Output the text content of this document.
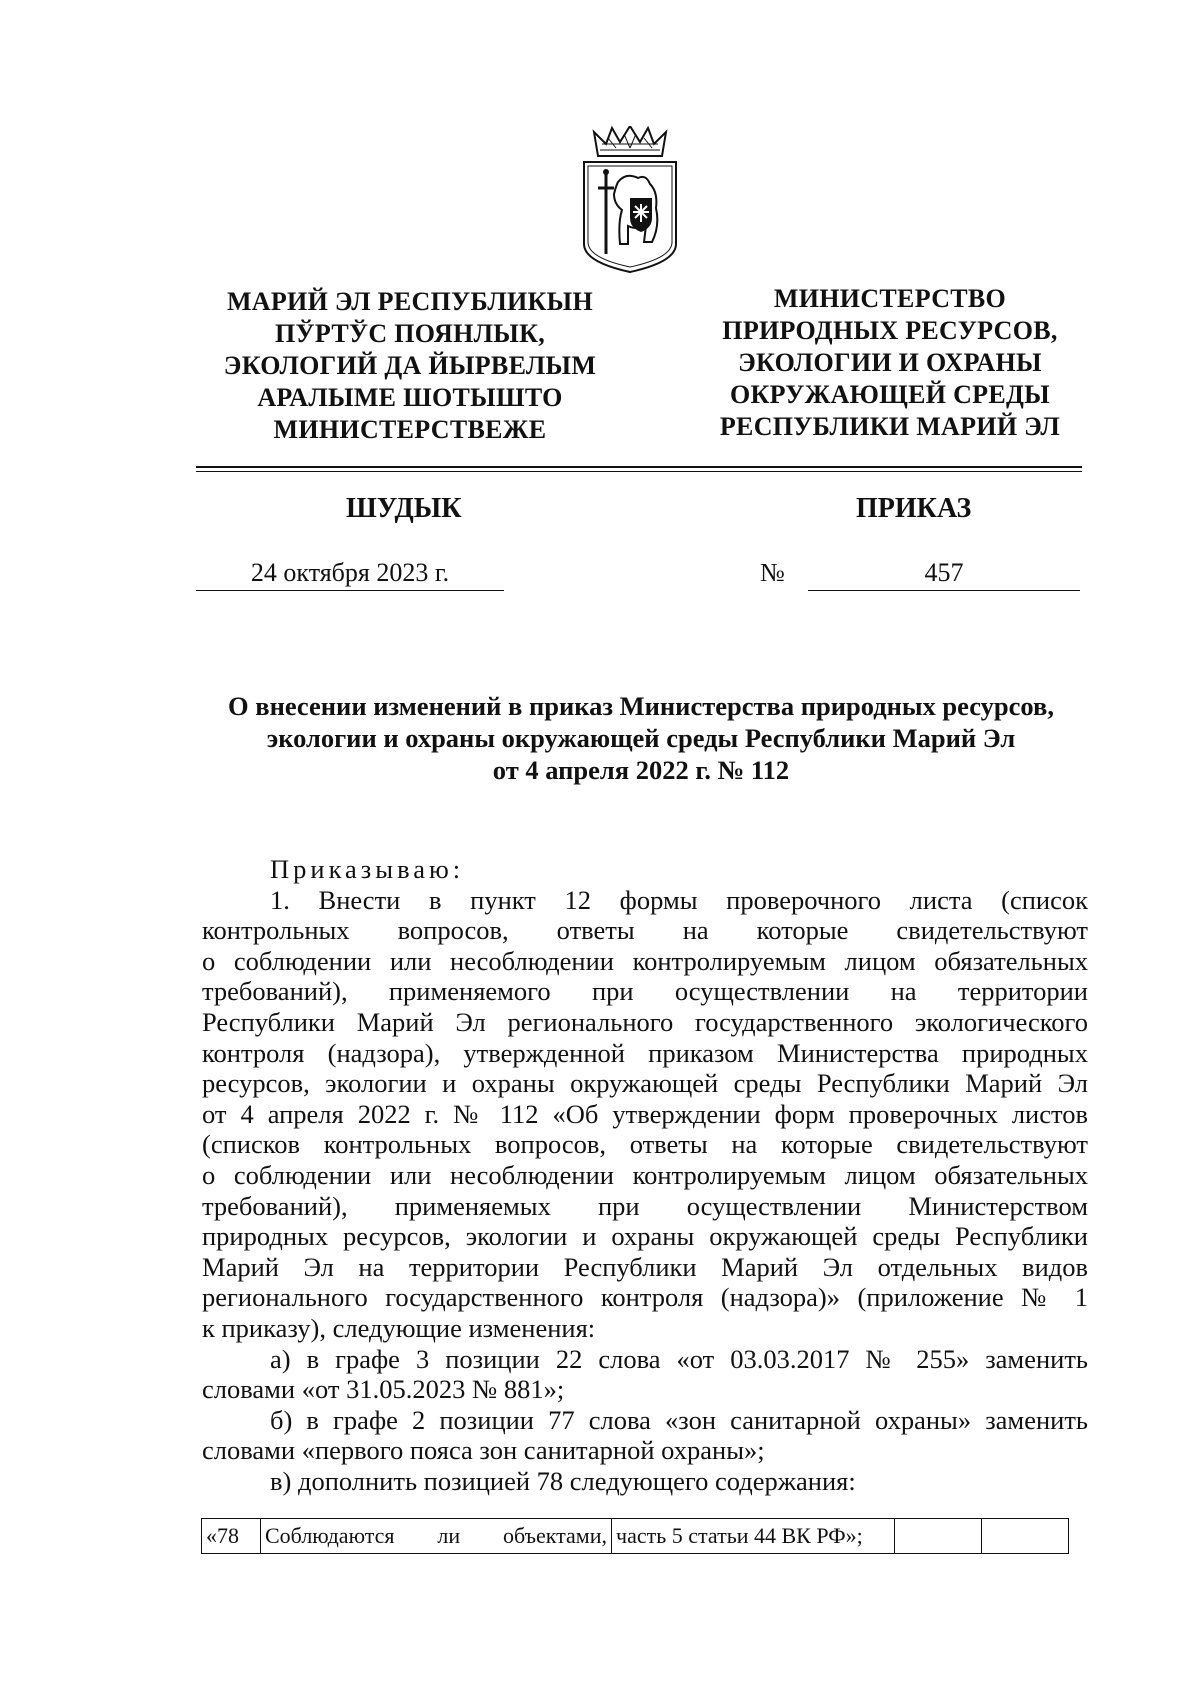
МАРИЙ ЭЛ РЕСПУБЛИКЫН
ПЎРТЎС ПОЯНЛЫК,
ЭКОЛОГИЙ ДА ЙЫРВЕЛЫМ
АРАЛЫМЕ ШОТЫШТО
МИНИСТЕРСТВЕЖЕ
МИНИСТЕРСТВО
ПРИРОДНЫХ РЕСУРСОВ,
ЭКОЛОГИИ И ОХРАНЫ
ОКРУЖАЮЩЕЙ СРЕДЫ
РЕСПУБЛИКИ МАРИЙ ЭЛ
ШУДЫК	ПРИКАЗ
24 октября 2023 г.	№	457
О внесении изменений в приказ Министерства природных ресурсов,
экологии и охраны окружающей среды Республики Марий Эл
от 4 апреля 2022 г. № 112
Приказываю:
1. Внести в пункт 12 формы проверочного листа (список
контрольных вопросов, ответы на которые свидетельствуют
о соблюдении или несоблюдении контролируемым лицом обязательных
требований), применяемого при осуществлении на территории
Республики Марий Эл регионального государственного экологического
контроля (надзора), утвержденной приказом Министерства природных
ресурсов, экологии и охраны окружающей среды Республики Марий Эл
от 4 апреля 2022 г. № 112 «Об утверждении форм проверочных листов
(списков контрольных вопросов, ответы на которые свидетельствуют
о соблюдении или несоблюдении контролируемым лицом обязательных
требований), применяемых при осуществлении Министерством
природных ресурсов, экологии и охраны окружающей среды Республики
Марий Эл на территории Республики Марий Эл отдельных видов
регионального государственного контроля (надзора)» (приложение № 1
к приказу), следующие изменения:
а) в графе 3 позиции 22 слова «от 03.03.2017 № 255» заменить
словами «от 31.05.2023 № 881»;
б) в графе 2 позиции 77 слова «зон санитарной охраны» заменить
словами «первого пояса зон санитарной охраны»;
в) дополнить позицией 78 следующего содержания:
«78	Соблюдаются ли объектами,	часть 5 статьи 44 ВК РФ»;		
